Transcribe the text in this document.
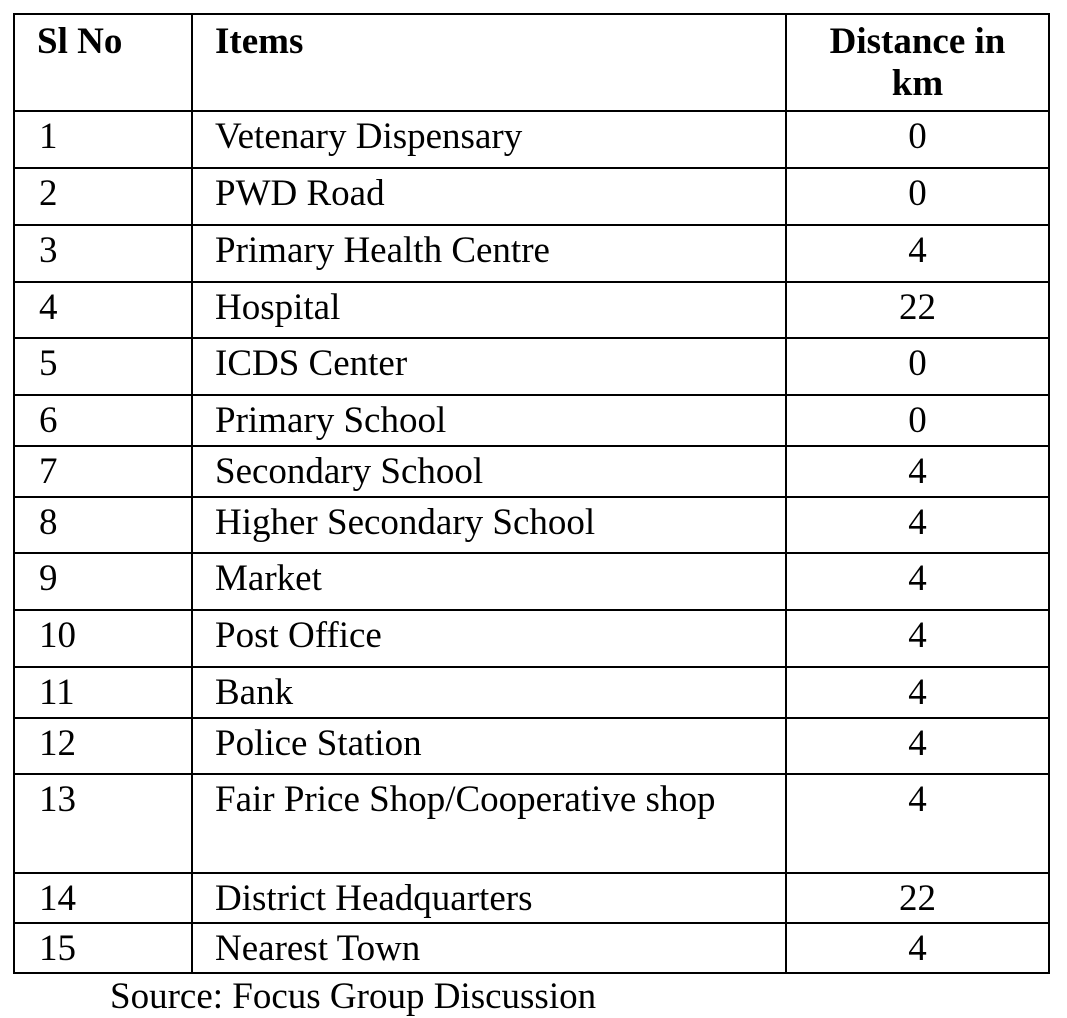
Sl No	Items	Distance in
km

1	Vetenary Dispensary	0

2	PWD Road	0

3	Primary Health Centre	4

4	Hospital	22

5	ICDS Center	0

6	Primary School	0

7	Secondary School	4

8	Higher Secondary School	4

9	Market	4

10	Post Office	4

11	Bank	4

12	Police Station	4

13	Fair Price Shop/Cooperative shop	4

14	District Headquarters	22

15	Nearest Town	4
Source: Focus Group Discussion
